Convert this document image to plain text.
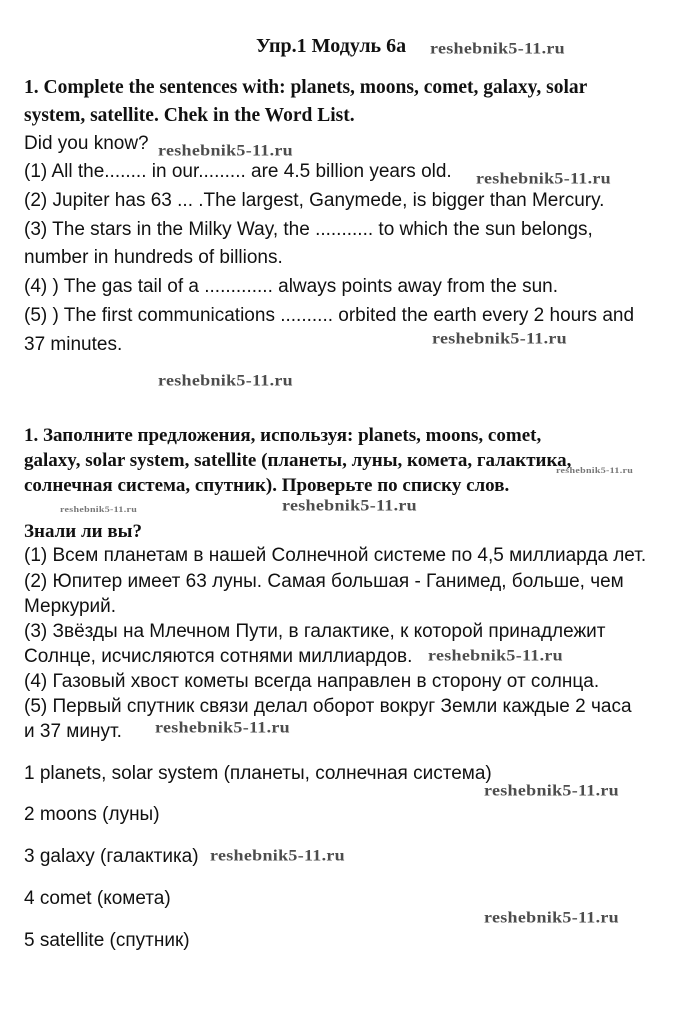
Упр.1 Модуль 6а

1. Complete the sentences with: planets, moons, comet, galaxy, solar

system, satellite. Chek in the Word List.

Did you know?

(1) All the........ in our......... are 4.5 billion years old.

(2) Jupiter has 63 ... .The largest, Ganymede, is bigger than Mercury.

(3) The stars in the Milky Way, the ........... to which the sun belongs,

number in hundreds of billions.

(4) ) The gas tail of a ............. always points away from the sun.

(5) ) The first communications .......... orbited the earth every 2 hours and

37 minutes.

1. Заполните предложения, используя: planets, moons, comet,

galaxy, solar system, satellite (планеты, луны, комета, галактика,

солнечная система, спутник). Проверьте по списку слов.

Знали ли вы?

(1) Всем планетам в нашей Солнечной системе по 4,5 миллиарда лет.

(2) Юпитер имеет 63 луны. Самая большая - Ганимед, больше, чем

Меркурий.

(3) Звёзды на Млечном Пути, в галактике, к которой принадлежит

Солнце, исчисляются сотнями миллиардов.

(4) Газовый хвост кометы всегда направлен в сторону от солнца.

(5) Первый спутник связи делал оборот вокруг Земли каждые 2 часа

и 37 минут.

1 planets, solar system (планеты, солнечная система)

2 moons (луны)

3 galaxy (галактика)

4 comet (комета)

5 satellite (спутник)

reshebnik5-11.ru
reshebnik5-11.ru
reshebnik5-11.ru
reshebnik5-11.ru
reshebnik5-11.ru
reshebnik5-11.ru
reshebnik5-11.ru	reshebnik5-11.ru
reshebnik5-11.ru
reshebnik5-11.ru
reshebnik5-11.ru
reshebnik5-11.ru
reshebnik5-11.ru
